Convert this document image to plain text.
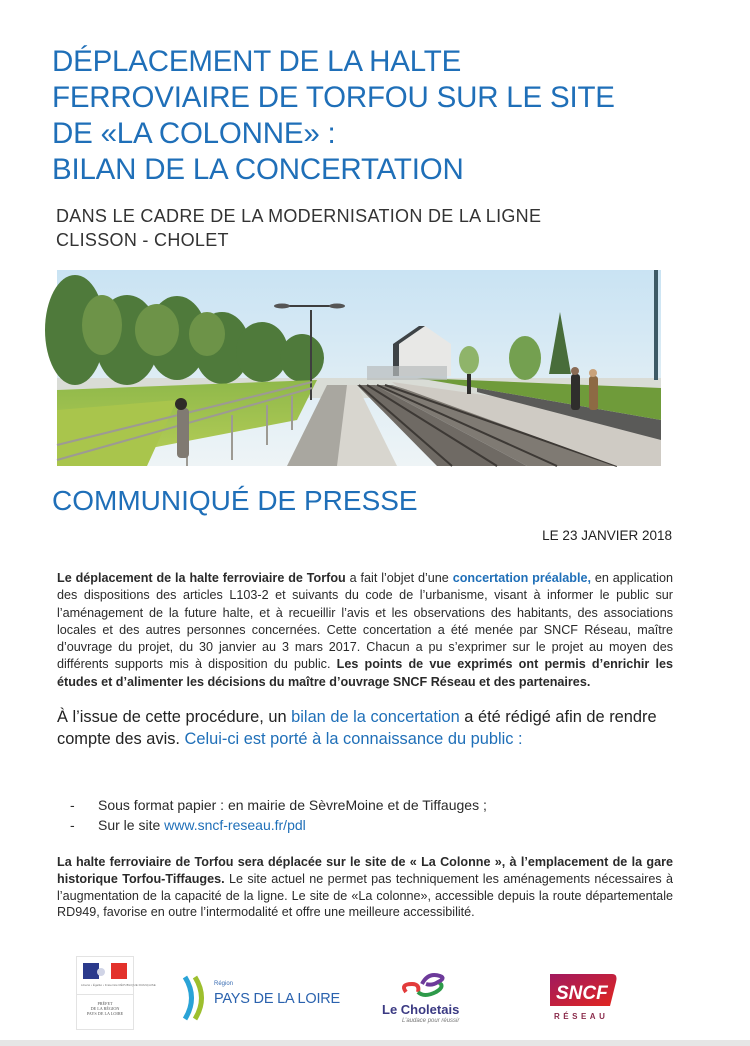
DÉPLACEMENT DE LA HALTE
FERROVIAIRE DE TORFOU SUR LE SITE
DE «LA COLONNE» :
BILAN DE LA CONCERTATION
DANS LE CADRE DE LA MODERNISATION DE LA LIGNE
CLISSON - CHOLET
COMMUNIQUÉ DE PRESSE
LE 23 JANVIER 2018

Le déplacement de la halte ferroviaire de Torfou a fait l’objet d’une concertation préalable, en application des dispositions des articles L103-2 et suivants du code de l’urbanisme, visant à informer le public sur l’aménagement de la future halte, et à recueillir l’avis et les observations des habitants, des associations locales et des autres personnes concernées. Cette concertation a été menée par SNCF Réseau, maître d’ouvrage du projet, du 30 janvier au 3 mars 2017. Chacun a pu s’exprimer sur le projet au moyen des différents supports mis à disposition du public. Les points de vue exprimés ont permis d’enrichir les études et d’alimenter les décisions du maître d’ouvrage SNCF Réseau et des partenaires.

À l’issue de cette procédure, un bilan de la concertation a été rédigé afin de rendre compte des avis. Celui-ci est porté à la connaissance du public :

- Sous format papier : en mairie de SèvreMoine et de Tiffauges ;
- Sur le site www.sncf-reseau.fr/pdl

La halte ferroviaire de Torfou sera déplacée sur le site de « La Colonne », à l’emplacement de la gare historique Torfou-Tiffauges. Le site actuel ne permet pas techniquement les aménagements nécessaires à l’augmentation de la capacité de la ligne. Le site de «La colonne», accessible depuis la route départementale RD949, favorise en outre l’intermodalité et offre une meilleure accessibilité.

Liberté • Égalité • Fraternité RÉPUBLIQUE FRANÇAISE
PRÉFET
DE LA RÉGION
PAYS DE LA LOIRE
Région
PAYS DE LA LOIRE
Le Choletais
L’audace pour réussir
SNCF
RÉSEAU
